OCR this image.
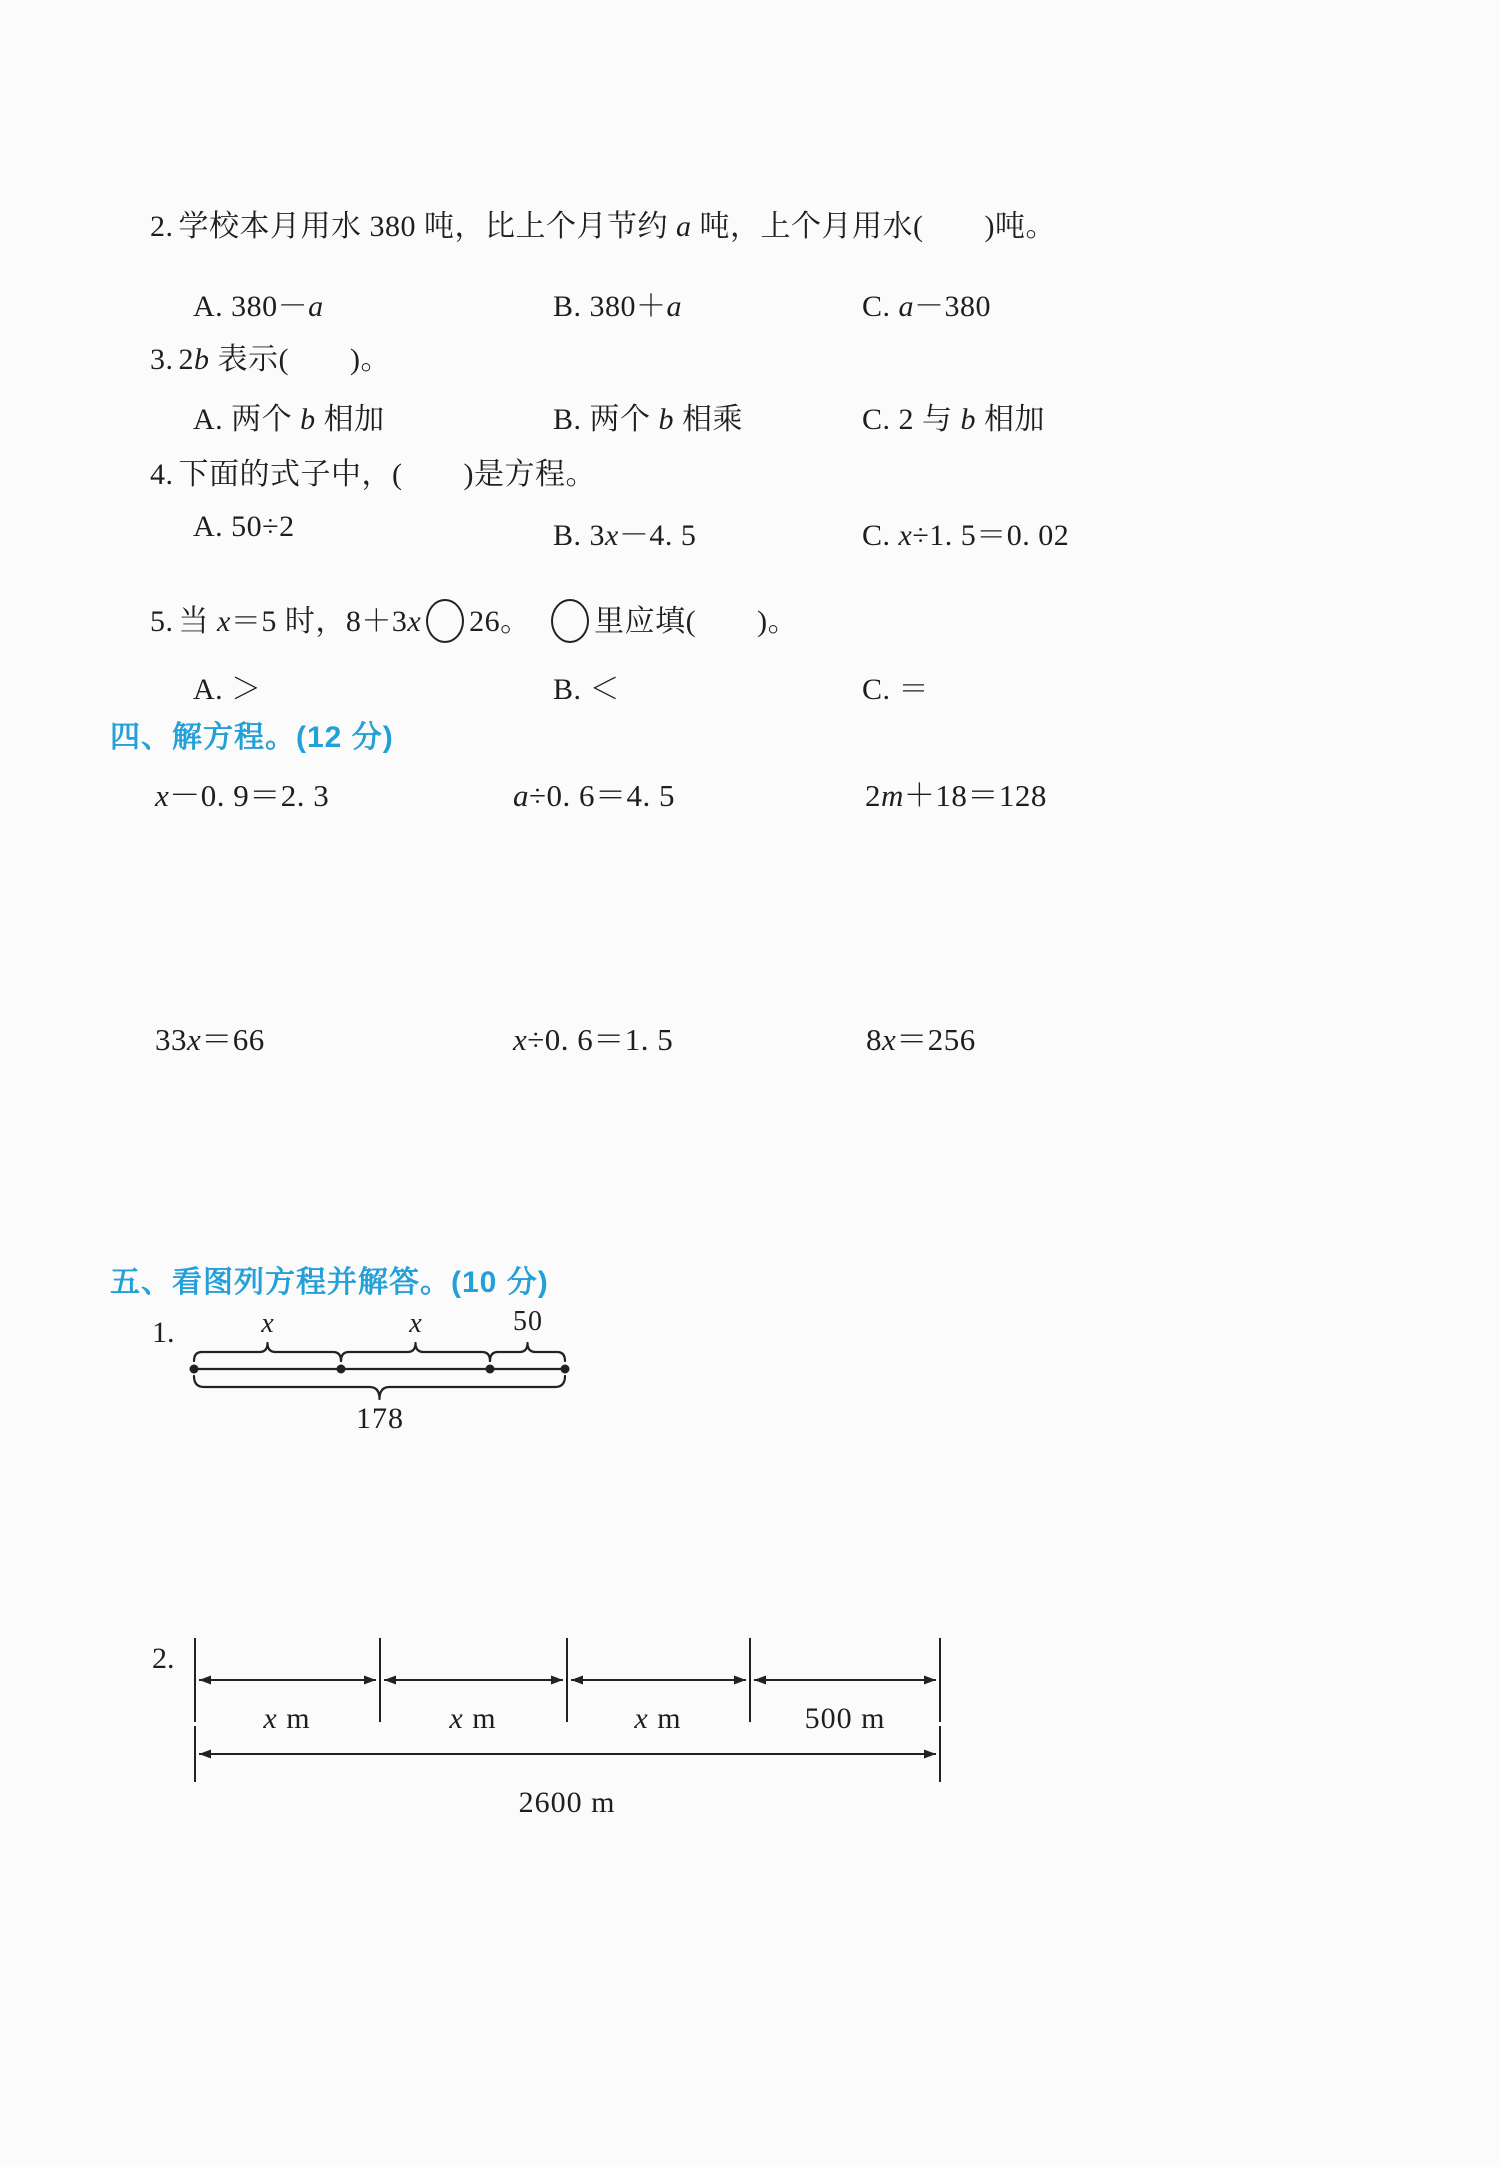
2. 学校本月用水 380 吨，比上个月节约 a 吨，上个月用水(　　)吨。
A. 380－a	B. 380＋a	C. a－380
3. 2b 表示(　　)。
A. 两个 b 相加	B. 两个 b 相乘	C. 2 与 b 相加
4. 下面的式子中，(　　)是方程。
A. 50÷2	B. 3x－4. 5	C. x÷1. 5＝0. 02
5. 当 x＝5 时，8＋3x 26。  里应填(　　)。
A. ＞	B. ＜	C. ＝
四、解方程。(12 分)
x－0. 9＝2. 3	a÷0. 6＝4. 5	2m＋18＝128
33x＝66	x÷0. 6＝1. 5	8x＝256
五、看图列方程并解答。(10 分)
1.	x	x	50
178
2.
x m	x m	x m	500 m
2600 m
